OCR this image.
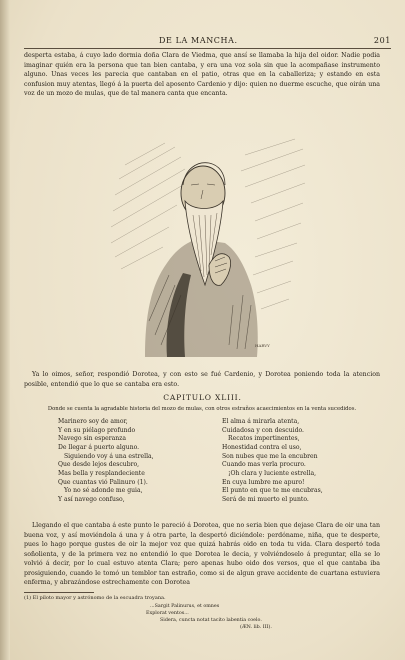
DE LA MANCHA.	201
desperta estaba, á cuyo lado dormia doña Clara de Viedma, que ansí se llamaba la hija del oidor. Nadie podia imaginar quién era la persona que tan bien cantaba, y era una voz sola sin que la acompañase instrumento alguno. Unas veces les parecia que cantaban en el patio, otras que en la caballeriza; y estando en esta confusion muy atentas, llegó á la puerta del aposento Cardenio y dijo: quien no duerme escuche, que oirán una voz de un mozo de mulas, que de tal manera canta que encanta.
HARVY
Ya lo oimos, señor, respondió Dorotea, y con esto se fué Cardenio, y Dorotea poniendo toda la atencion posible, entendió que lo que se cantaba era esto.
CAPITULO XLIII.
Donde se cuenta la agradable historia del mozo de mulas, con otros estraños acaecimientos en la venta sucedidos.
Marinero soy de amor,
Y en su piélago profundo
Navego sin esperanza
De llegar á puerto alguno.
Siguiendo voy á una estrella,
Que desde lejos descubro,
Mas bella y resplandeciente
Que cuantas vió Palinuro (1).
Yo no sé adonde me guia,
Y así navego confuso,
El alma á mirarla atenta,
Cuidadosa y con descuido.
Recatos impertinentes,
Honestidad contra el uso,
Son nubes que me la encubren
Cuando mas verla procuro.
¡Oh clara y luciente estrella,
En cuya lumbre me apuro!
El punto en que te me encubras,
Será de mi muerto el punto.
Llegando el que cantaba á este punto le pareció á Dorotea, que no seria bien que dejase Clara de oir una tan buena voz, y así moviéndola á una y á otra parte, la despertó diciéndole: perdóname, niña, que te desperte, pues lo hago porque gustes de oir la mejor voz que quizá habrás oido en toda tu vida. Clara despertó toda soñolienta, y de la primera vez no entendió lo que Dorotea le decia, y volviéndoselo á preguntar, ella se lo volvió á decir, por lo cual estuvo atenta Clara; pero apenas hubo oido dos versos, que el que cantaba iba prosiguiendo, cuando le tomó un temblor tan estraño, como si de algun grave accidente de cuartana estuviera enferma, y abrazándose estrechamente con Dorotea
(1) El piloto mayor y astrónomo de la escuadra troyana.
...Sargit Palinurus, et omnes
Explorat ventos...
Sidera, cuncta notat tacito labentia coelo.
(ÆN. lib. III).
